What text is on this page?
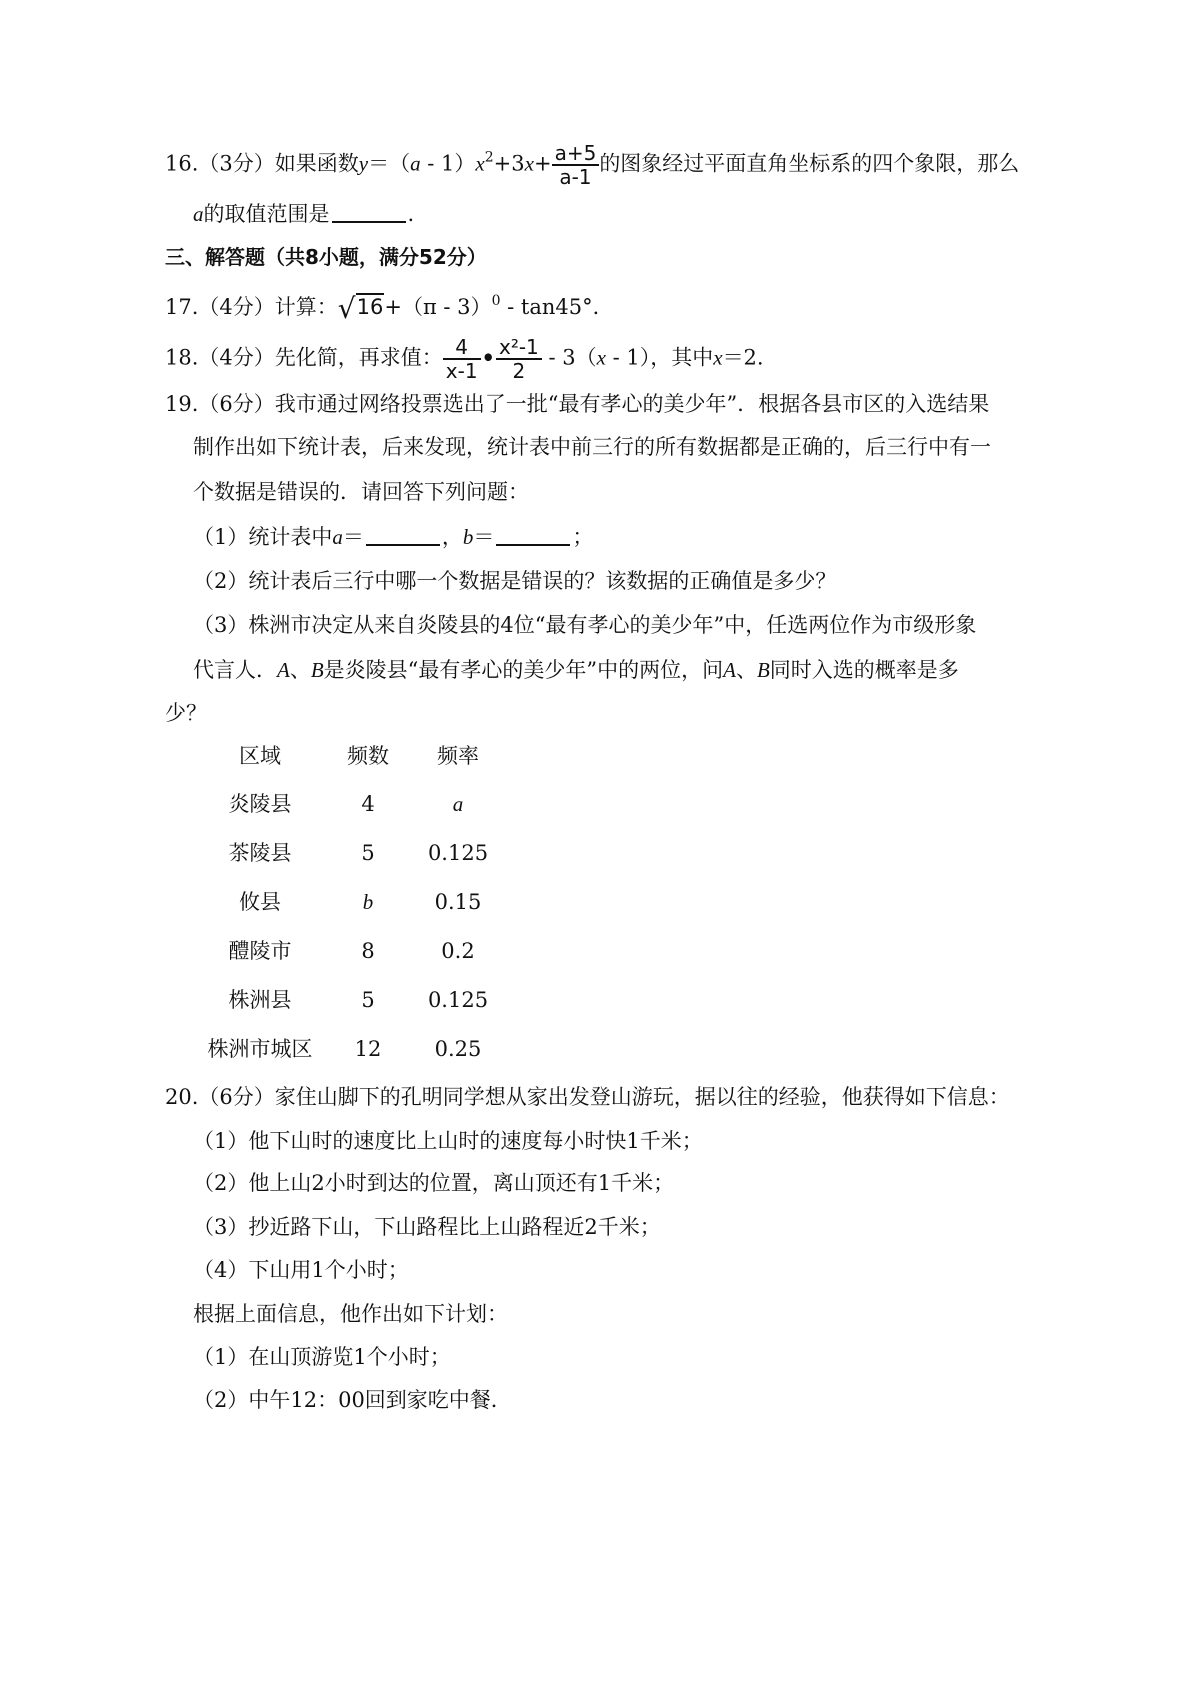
16.（3分）如果函数$y=(a - 1)x^2+3x+ \frac{a+5}{a-1}$ 的图象经过平面直角坐标系的四个象限，那么
a的取值范围是	.
三、解答题（共8小题，满分52分）
17.（4分）计算：√16+（π - 3）$^0$ - tan45°．
18.（4分）先化简，再求值： $\frac{4}{x-1}$ • $\frac{\text{x²-1}}{2} - 3(x - 1)$，其中x＝2.
19.（6分）我市通过网络投票选出了一批“最有孝心的美少年”．根据各县市区的入选结果
制作出如下统计表，后来发现，统计表中前三行的所有数据都是正确的，后三行中有一
个数据是错误的．请回答下列问题：
（1）统计表中a＝	，b＝	；
（2）统计表后三行中哪一个数据是错误的？该数据的正确值是多少？
（3）株洲市决定从来自炎陵县的4位“最有孝心的美少年”中，任选两位作为市级形象
代言人．A、B是炎陵县“最有孝心的美少年”中的两位，问A、B同时入选的概率是多
少？
区域	频数	频率
炎陵县	4	a
茶陵县	5	0.125
攸县	b	0.15
醴陵市	8	0.2
株洲县	5	0.125
株洲市城区	12	0.25
20.（6分）家住山脚下的孔明同学想从家出发登山游玩，据以往的经验，他获得如下信息：
（1）他下山时的速度比上山时的速度每小时快1千米；
（2）他上山2小时到达的位置，离山顶还有1千米；
（3）抄近路下山，下山路程比上山路程近2千米；
（4）下山用1个小时；
根据上面信息，他作出如下计划：
（1）在山顶游览1个小时；
（2）中午12：00回到家吃中餐．
